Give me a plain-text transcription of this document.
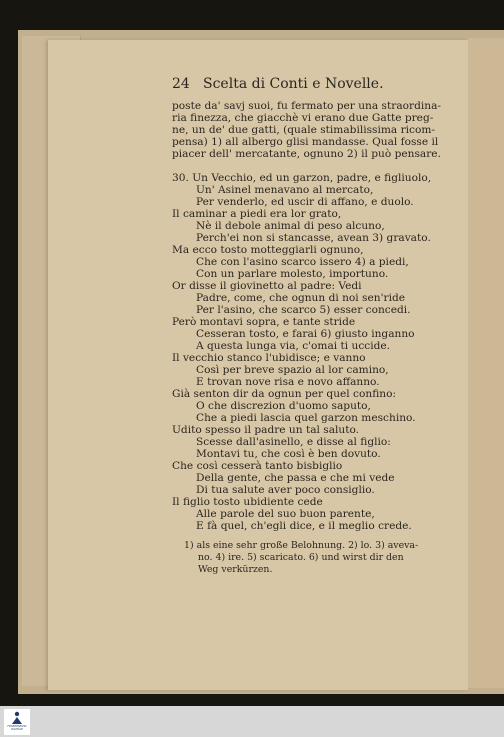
24 Scelta di Conti e Novelle.
poste da' savj suoi, fu fermato per una straordina-
ria finezza, che giacchè vi erano due Gatte preg-
ne, un de' due gatti, (quale stimabilissima ricom-
pensa) 1) all albergo glisi mandasse. Qual fosse il
piacer dell' mercatante, ognuno 2) il può pensare.
30. Un Vecchio, ed un garzon, padre, e figliuolo,
Un' Asinel menavano al mercato,
Per venderlo, ed uscir di affano, e duolo.
Il caminar a piedi era lor grato,
Nè il debole animal di peso alcuno,
Perch'ei non si stancasse, avean 3) gravato.
Ma ecco tosto motteggiarli ognuno,
Che con l'asino scarco issero 4) a piedi,
Con un parlare molesto, importuno.
Or disse il giovinetto al padre: Vedi
Padre, come, che ognun di noi sen'ride
Per l'asino, che scarco 5) esser concedi.
Però montavi sopra, e tante stride
Cesseran tosto, e farai 6) giusto inganno
A questa lunga via, c'omai ti uccide.
Il vecchio stanco l'ubidisce; e vanno
Così per breve spazio al lor camino,
E trovan nove risa e novo affanno.
Già senton dir da ognun per quel confino:
O che discrezion d'uomo saputo,
Che a piedi lascia quel garzon meschino.
Udito spesso il padre un tal saluto.
Scesse dall'asinello, e disse al figlio:
Montavi tu, che così è ben dovuto.
Che così cesserà tanto bisbiglio
Della gente, che passa e che mi vede
Di tua salute aver poco consiglio.
Il figlio tosto ubidiente cede
Alle parole del suo buon parente,
E fà quel, ch'egli dice, e il meglio crede.
1) als eine sehr große Belohnung. 2) lo. 3) aveva-
no. 4) ire. 5) scaricato. 6) und wirst dir den
Weg verkürzen.
FRONTESPIZIO
DIGITALE
